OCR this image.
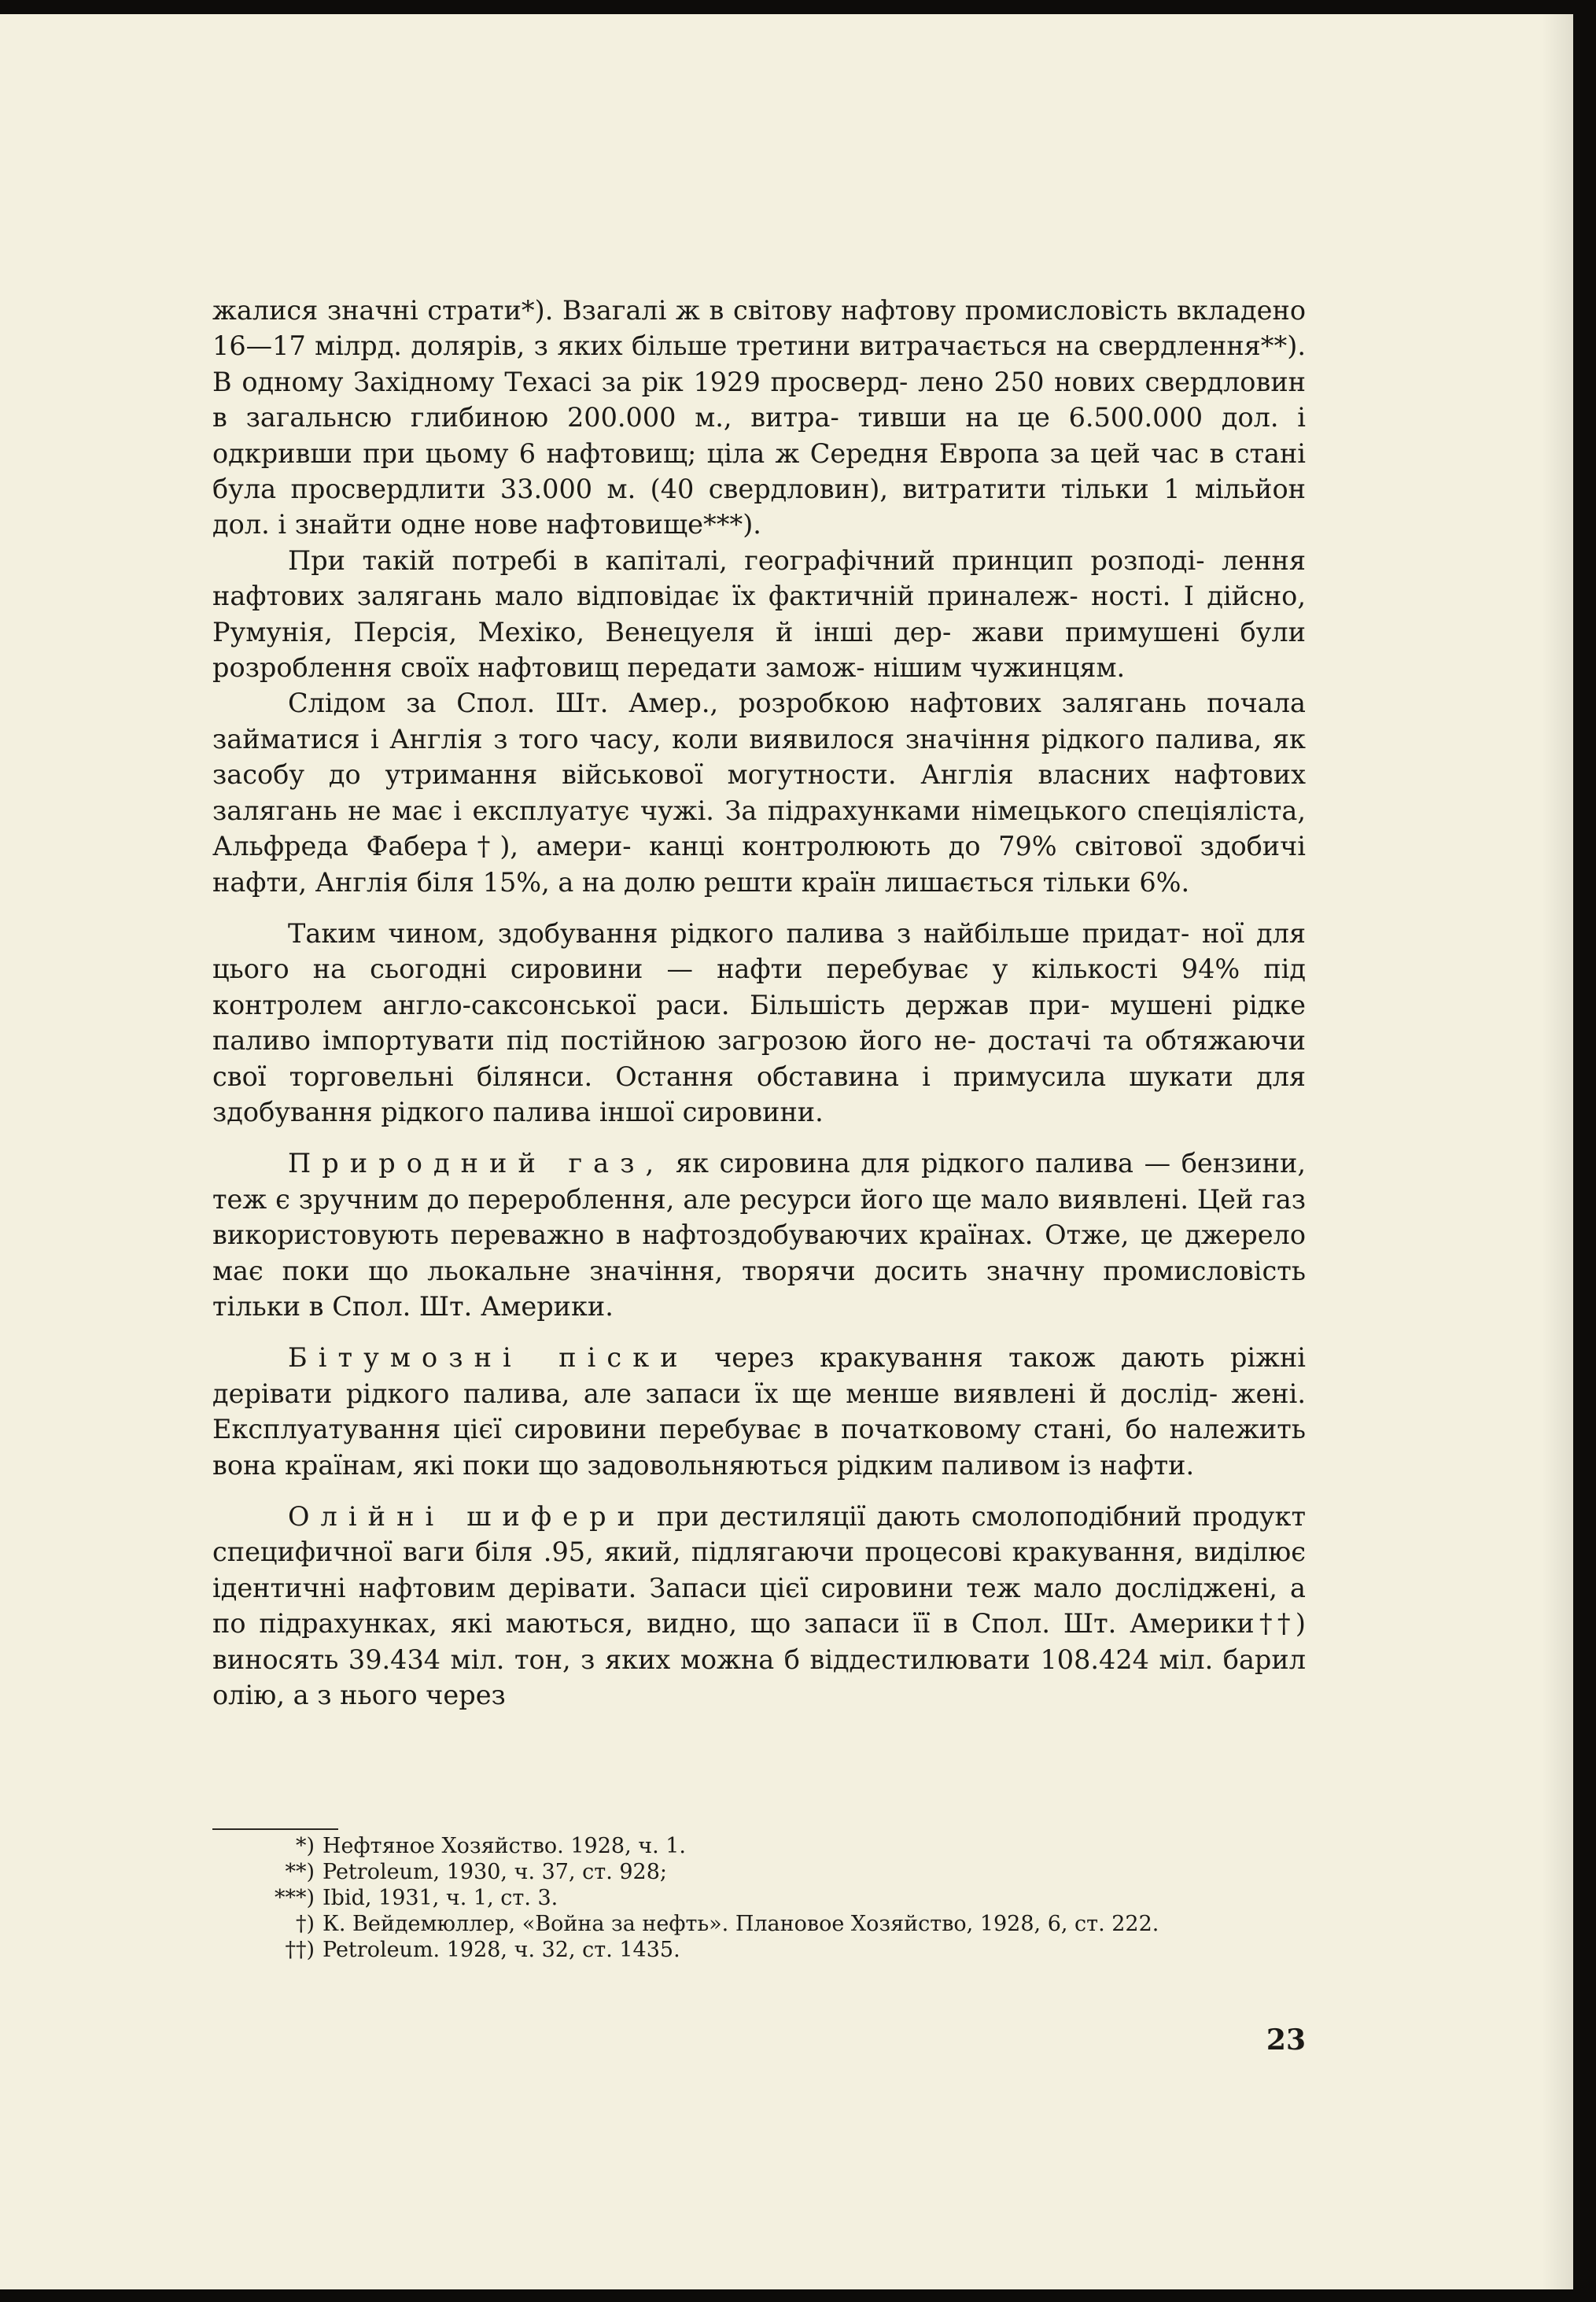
жалися значні страти*). Взагалі ж в світову нафтову промисловість вкладено 16—17 мілрд. долярів, з яких більше третини витрачається на свердлення**). В одному Західному Техасі за рік 1929 просверд- лено 250 нових свердловин в загальнсю глибиною 200.000 м., витра- тивши на це 6.500.000 дол. і одкривши при цьому 6 нафтовищ; ціла ж Середня Европа за цей час в стані була просвердлити 33.000 м. (40 свердловин), витратити тільки 1 мільйон дол. і знайти одне нове нафтовище***).

При такій потребі в капіталі, географічний принцип розподі- лення нафтових залягань мало відповідає їх фактичній приналеж- ності. І дійсно, Румунія, Персія, Мехіко, Венецуеля й інші дер- жави примушені були розроблення своїх нафтовищ передати замож- нішим чужинцям.

Слідом за Спол. Шт. Амер., розробкою нафтових залягань почала займатися і Англія з того часу, коли виявилося значіння рідкого палива, як засобу до утримання військової могутности. Англія власних нафтових залягань не має і експлуатує чужі. За підрахунками німецького спеціяліста, Альфреда Фабера†), амери- канці контролюють до 79% світової здобичі нафти, Англія біля 15%, а на долю решти країн лишається тільки 6%.

Таким чином, здобування рідкого палива з найбільше придат- ної для цього на сьогодні сировини — нафти перебуває у кількості 94% під контролем англо-саксонської раси. Більшість держав при- мушені рідке паливо імпортувати під постійною загрозою його не- достачі та обтяжаючи свої торговельні білянси. Остання обставина і примусила шукати для здобування рідкого палива іншої сировини.

Природний газ, як сировина для рідкого палива — бензини, теж є зручним до перероблення, але ресурси його ще мало виявлені. Цей газ використовують переважно в нафтоздобуваючих країнах. Отже, це джерело має поки що льокальне значіння, творячи досить значну промисловість тільки в Спол. Шт. Америки.

Бітумозні піски через кракування також дають ріжні дерівати рідкого палива, але запаси їх ще менше виявлені й дослід- жені. Експлуатування цієї сировини перебуває в початковому стані, бо належить вона країнам, які поки що задовольняються рідким паливом із нафти.

Олійні шифери при дестиляції дають смолоподібний продукт специфичної ваги біля .95, який, підлягаючи процесові кракування, виділює ідентичні нафтовим дерівати. Запаси цієї сировини теж мало досліджені, а по підрахунках, які маються, видно, що запаси її в Спол. Шт. Америки††) виносять 39.434 міл. тон, з яких можна б віддестилювати 108.424 міл. барил олію, а з нього через

*) Нефтяное Хозяйство. 1928, ч. 1.
**) Petroleum, 1930, ч. 37, ст. 928;
***) Ibid, 1931, ч. 1, ст. 3.
†) К. Вейдемюллер, «Война за нефть». Плановое Хозяйство, 1928, 6, ст. 222.
††) Petroleum. 1928, ч. 32, ст. 1435.
23
